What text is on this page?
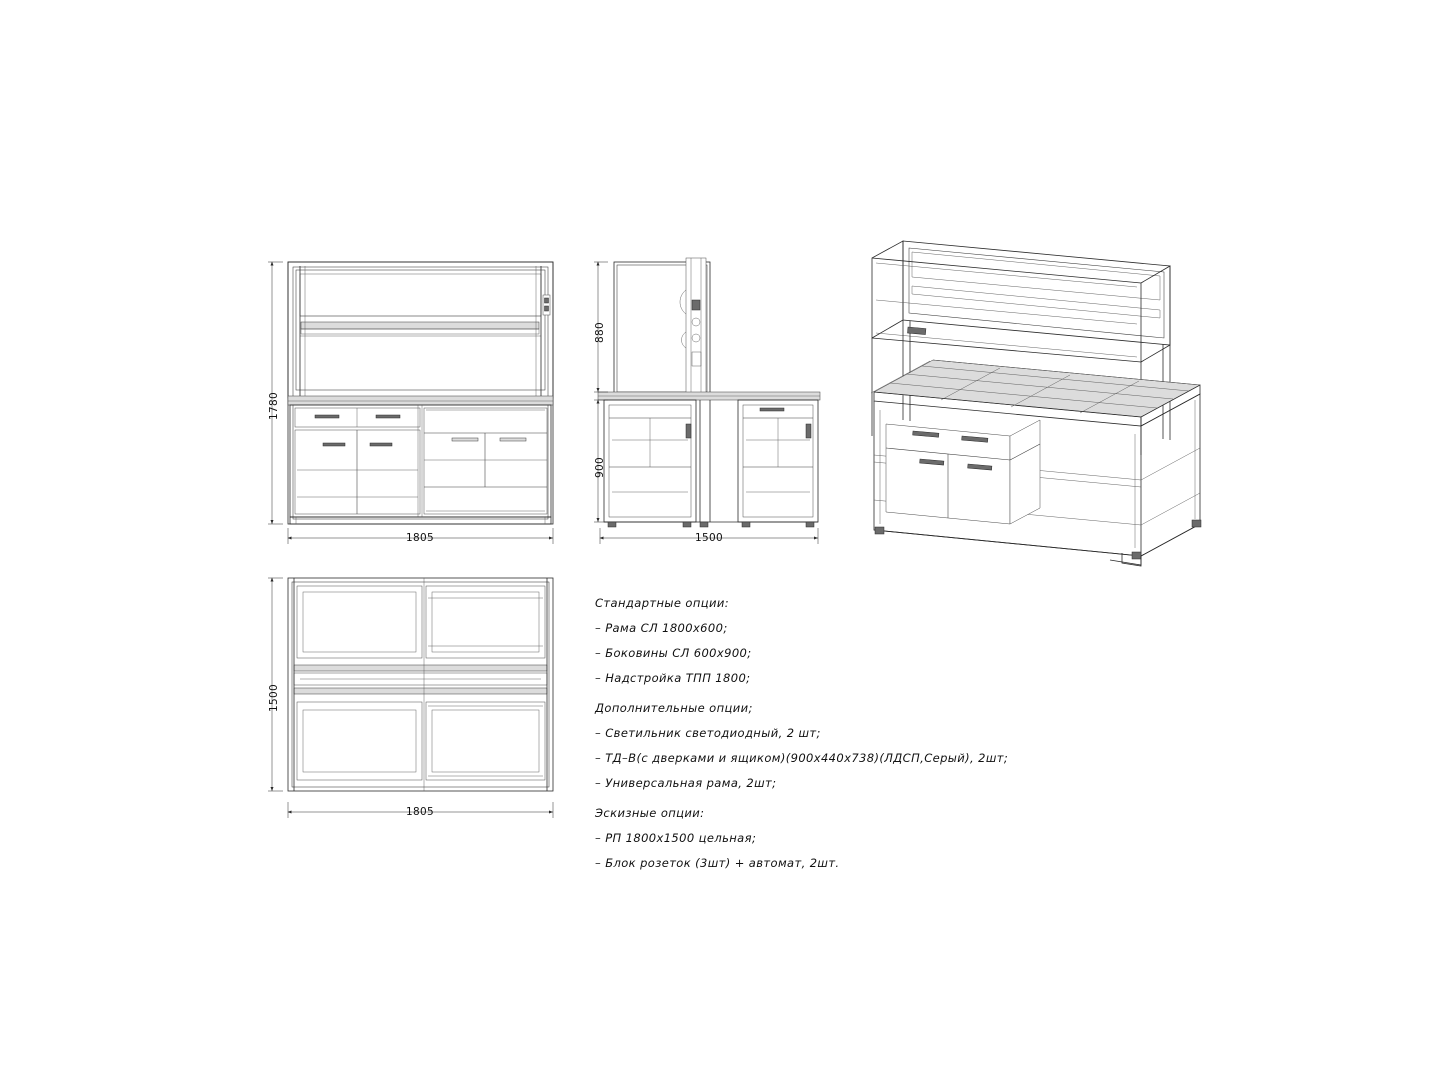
1780
1805
880
900
1500
1500
1805
Стандартные опции:
– Рама СЛ 1800х600;
– Боковины СЛ 600х900;
– Надстройка ТПП 1800;
Дополнительные опции;
– Светильник светодиодный, 2 шт;
– ТД–В(с дверками и ящиком)(900х440х738)(ЛДСП,Серый), 2шт;
– Универсальная рама, 2шт;
Эскизные опции:
– РП 1800х1500 цельная;
– Блок розеток (3шт) + автомат, 2шт.
